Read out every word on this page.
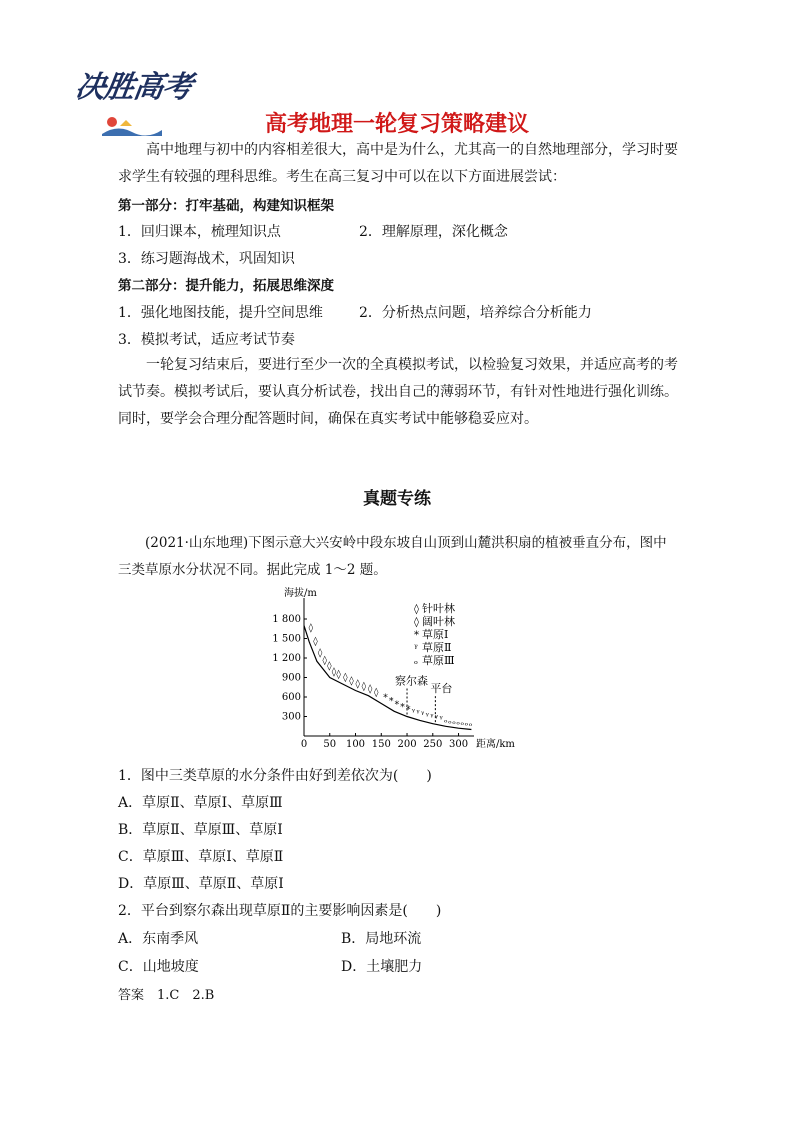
决胜高考
高考地理一轮复习策略建议
高中地理与初中的内容相差很大，高中是为什么，尤其高一的自然地理部分，学习时要求学生有较强的理科思维。考生在高三复习中可以在以下方面进展尝试：
第一部分：打牢基础，构建知识框架
1．回归课本，梳理知识点	2．理解原理，深化概念
3．练习题海战术，巩固知识
第二部分：提升能力，拓展思维深度
1．强化地图技能，提升空间思维	2．分析热点问题，培养综合分析能力
3．模拟考试，适应考试节奏
一轮复习结束后，要进行至少一次的全真模拟考试，以检验复习效果，并适应高考的考试节奏。模拟考试后，要认真分析试卷，找出自己的薄弱环节，有针对性地进行强化训练。同时，要学会合理分配答题时间，确保在真实考试中能够稳妥应对。
真题专练
(2021·山东地理)下图示意大兴安岭中段东坡自山顶到山麓洪积扇的植被垂直分布，图中
三类草原水分状况不同。据此完成 1～2 题。
海拔/m
距离/km
1 800
1 500
1 200
900
600
300
0 50 100 150 200 250 300
◊
◊
◊
◊
◊
◊ ◊ ◊ ◊ ◊ ◊ ◊ ◊
* * * * * ᵞ ᵞ ᵞ ᵞ ᵞ ᵞ ᵞ ₒ ₒ ₒ ₒ ₒ ₒ ₒ
察尔森
平台
◊ 针叶林
◊ 阔叶林
* 草原Ⅰ
ᵞ 草原Ⅱ
ₒ 草原Ⅲ
1．图中三类草原的水分条件由好到差依次为(　　)
A．草原Ⅱ、草原Ⅰ、草原Ⅲ
B．草原Ⅱ、草原Ⅲ、草原Ⅰ
C．草原Ⅲ、草原Ⅰ、草原Ⅱ
D．草原Ⅲ、草原Ⅱ、草原Ⅰ
2．平台到察尔森出现草原Ⅱ的主要影响因素是(　　)
A．东南季风	B．局地环流
C．山地坡度	D．土壤肥力
答案　1.C　2.B
